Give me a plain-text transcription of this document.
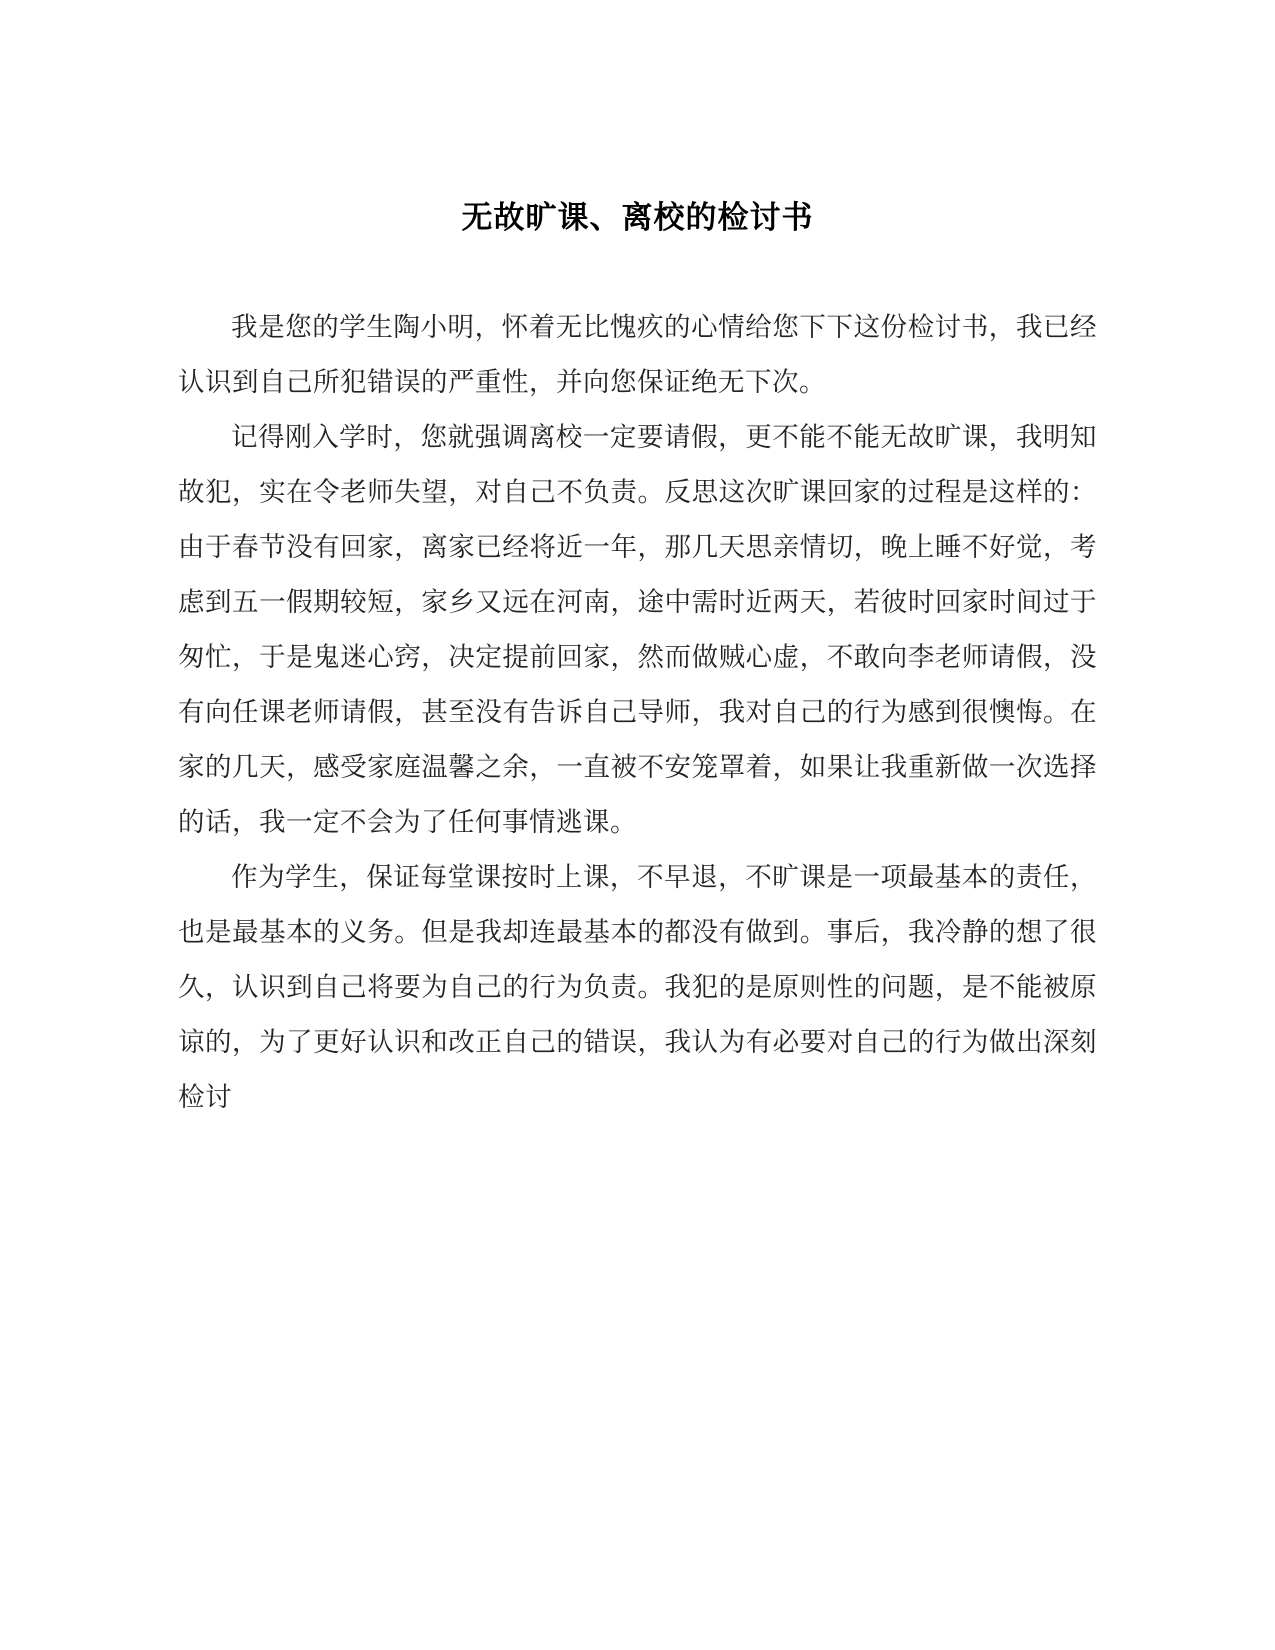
无故旷课、离校的检讨书

我是您的学生陶小明，怀着无比愧疚的心情给您下下这份检讨书，我已经认识到自己所犯错误的严重性，并向您保证绝无下次。

记得刚入学时，您就强调离校一定要请假，更不能不能无故旷课，我明知故犯，实在令老师失望，对自己不负责。反思这次旷课回家的过程是这样的：由于春节没有回家，离家已经将近一年，那几天思亲情切，晚上睡不好觉，考虑到五一假期较短，家乡又远在河南，途中需时近两天，若彼时回家时间过于匆忙，于是鬼迷心窍，决定提前回家，然而做贼心虚，不敢向李老师请假，没有向任课老师请假，甚至没有告诉自己导师，我对自己的行为感到很懊悔。在家的几天，感受家庭温馨之余，一直被不安笼罩着，如果让我重新做一次选择的话，我一定不会为了任何事情逃课。

作为学生，保证每堂课按时上课，不早退，不旷课是一项最基本的责任，也是最基本的义务。但是我却连最基本的都没有做到。事后，我冷静的想了很久，认识到自己将要为自己的行为负责。我犯的是原则性的问题，是不能被原谅的，为了更好认识和改正自己的错误，我认为有必要对自己的行为做出深刻检讨
